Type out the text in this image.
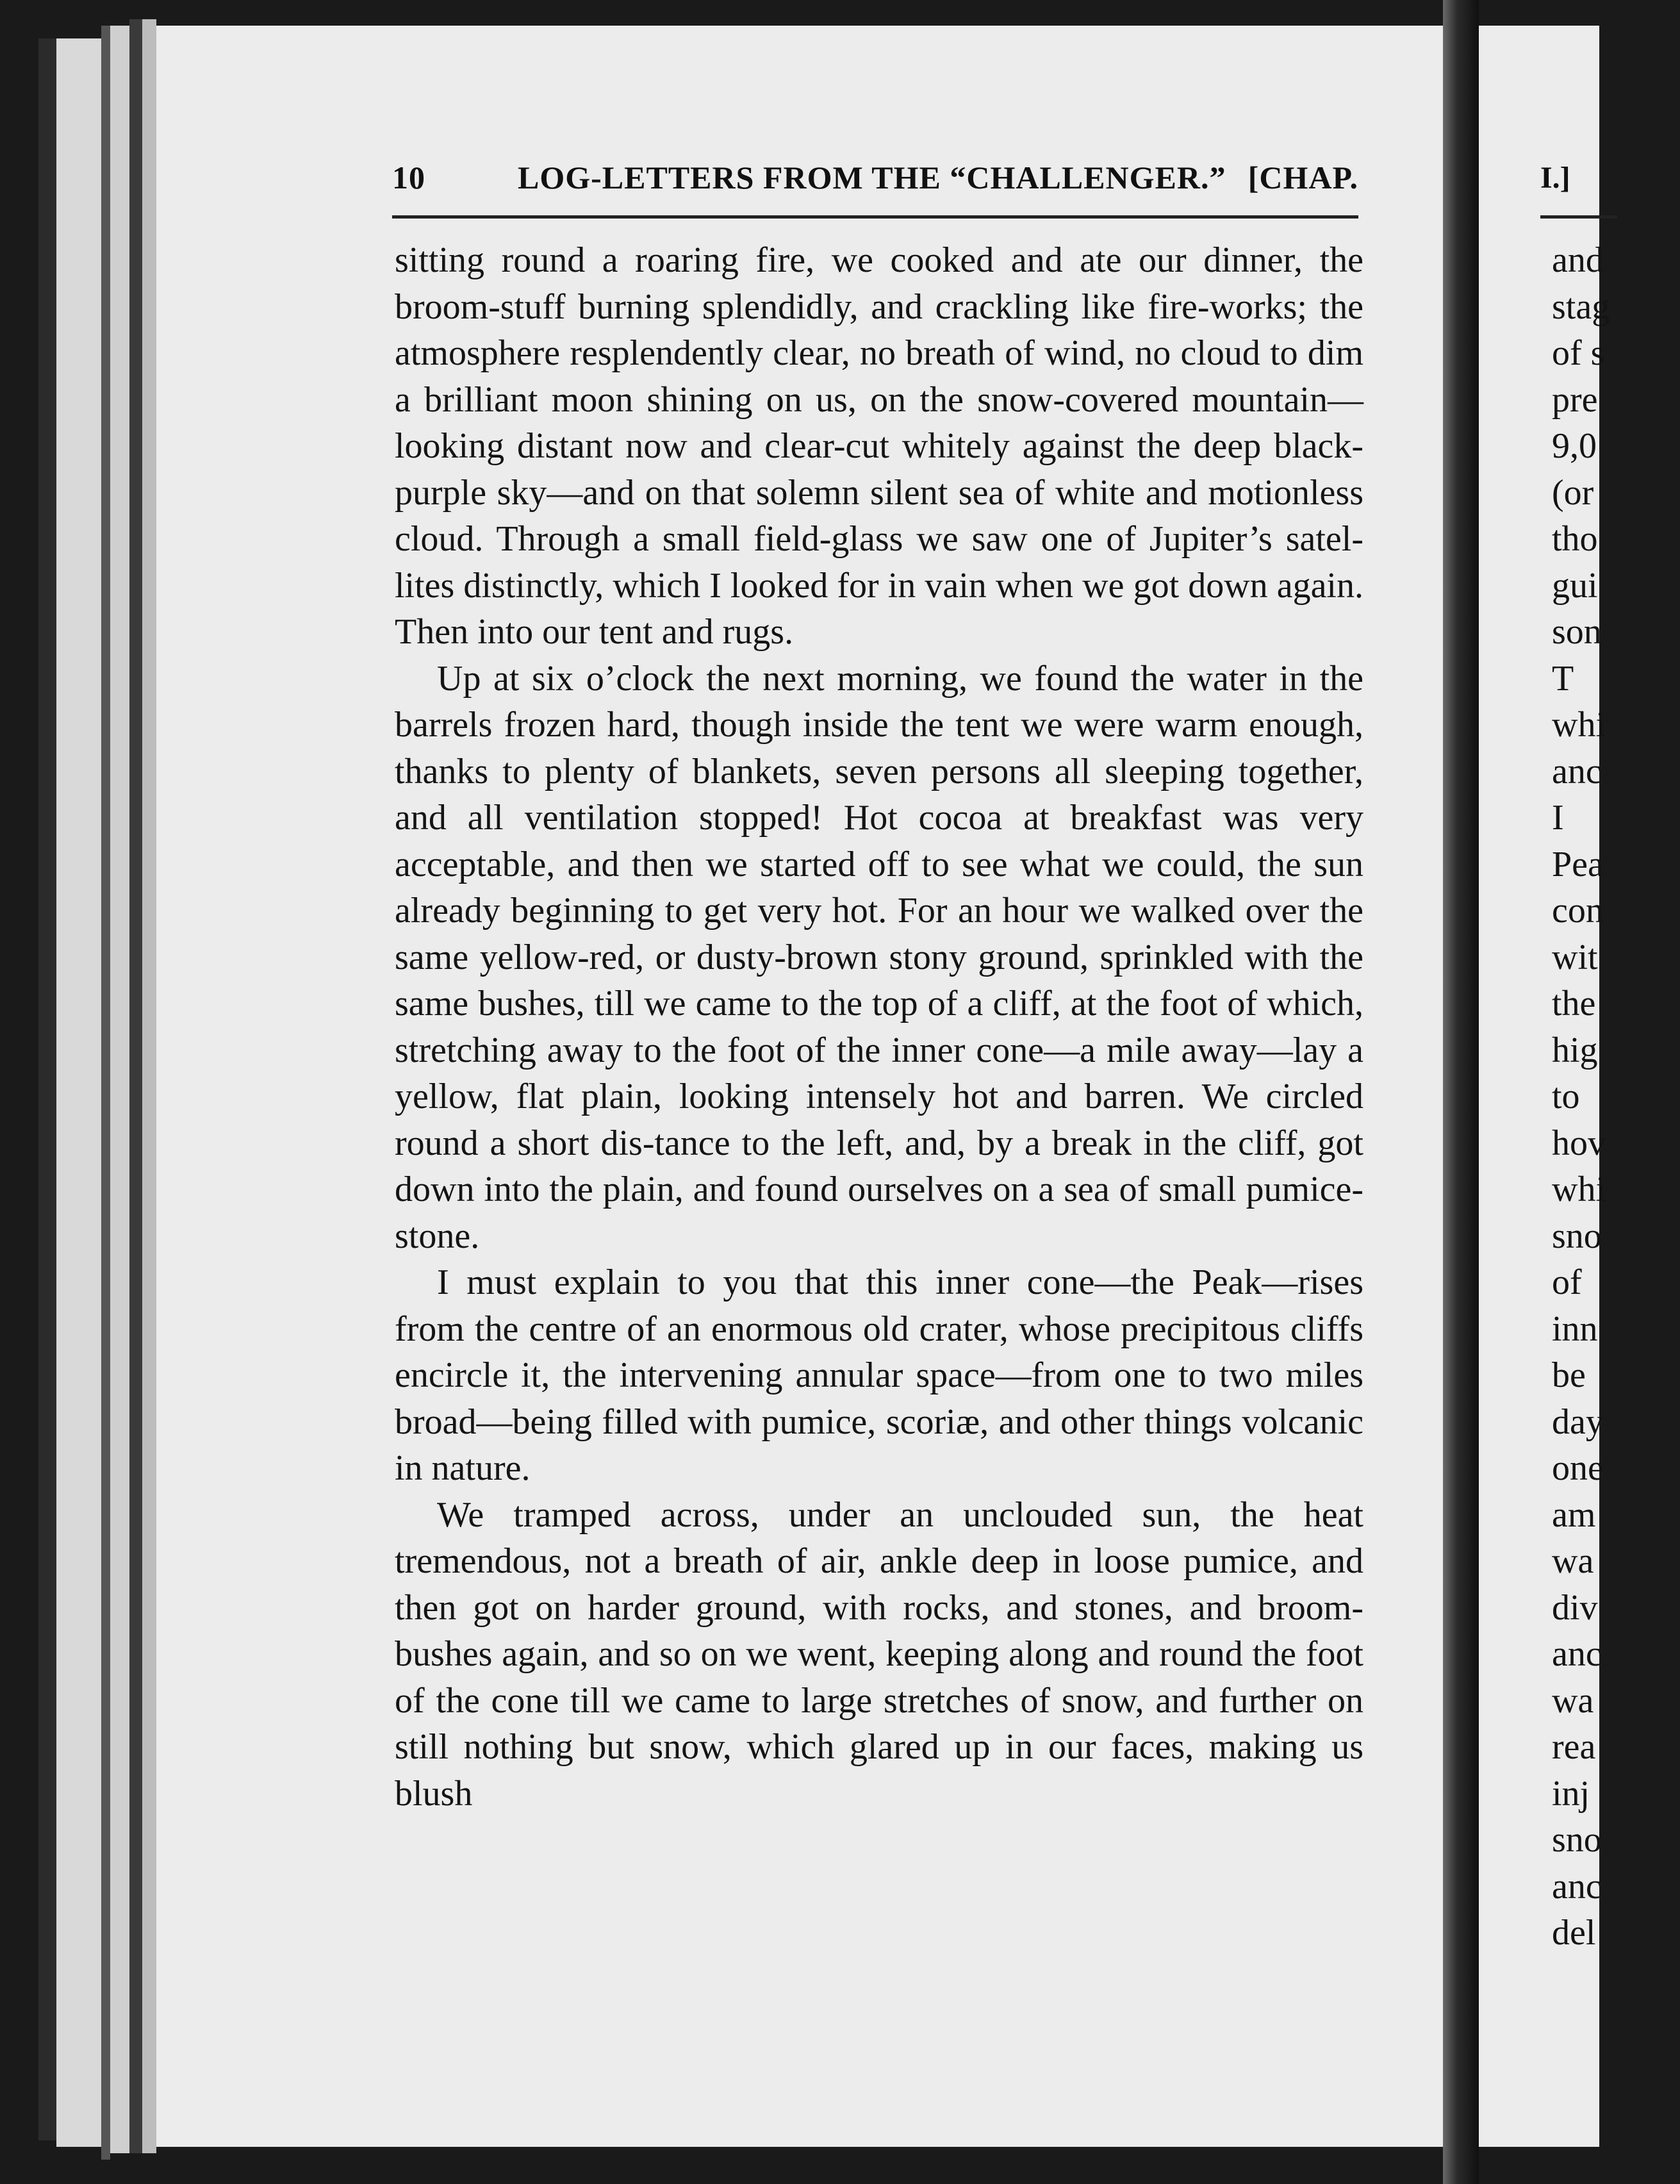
10	LOG-LETTERS FROM THE “CHALLENGER.” [CHAP.

sitting round a roaring fire, we cooked and ate our dinner, the broom-stuff burning splendidly, and crackling like fire-works; the atmosphere resplendently clear, no breath of wind, no cloud to dim a brilliant moon shining on us, on the snow-covered mountain—looking distant now and clear-cut whitely against the deep black-purple sky—and on that solemn silent sea of white and motionless cloud. Through a small field-glass we saw one of Jupiter’s satel-lites distinctly, which I looked for in vain when we got down again. Then into our tent and rugs.

Up at six o’clock the next morning, we found the water in the barrels frozen hard, though inside the tent we were warm enough, thanks to plenty of blankets, seven persons all sleeping together, and all ventilation stopped! Hot cocoa at breakfast was very acceptable, and then we started off to see what we could, the sun already beginning to get very hot. For an hour we walked over the same yellow-red, or dusty-brown stony ground, sprinkled with the same bushes, till we came to the top of a cliff, at the foot of which, stretching away to the foot of the inner cone—a mile away—lay a yellow, flat plain, looking intensely hot and barren. We circled round a short dis-tance to the left, and, by a break in the cliff, got down into the plain, and found ourselves on a sea of small pumice-stone.

I must explain to you that this inner cone—the Peak—rises from the centre of an enormous old crater, whose precipitous cliffs encircle it, the intervening annular space—from one to two miles broad—being filled with pumice, scoriæ, and other things volcanic in nature.

We tramped across, under an unclouded sun, the heat tremendous, not a breath of air, ankle deep in loose pumice, and then got on harder ground, with rocks, and stones, and broom-bushes again, and so on we went, keeping along and round the foot of the cone till we came to large stretches of snow, and further on still nothing but snow, which glared up in our faces, making us blush

I.]
and
stag
of s
pre
9,0
(or
tho
gui
son
T
whi
anc
I
Pea
con
wit
the
hig
to
hov
whi
sno
of
inn
be
day
one
am
wa
div
anc
wa
rea
inj
sno
anc
del
